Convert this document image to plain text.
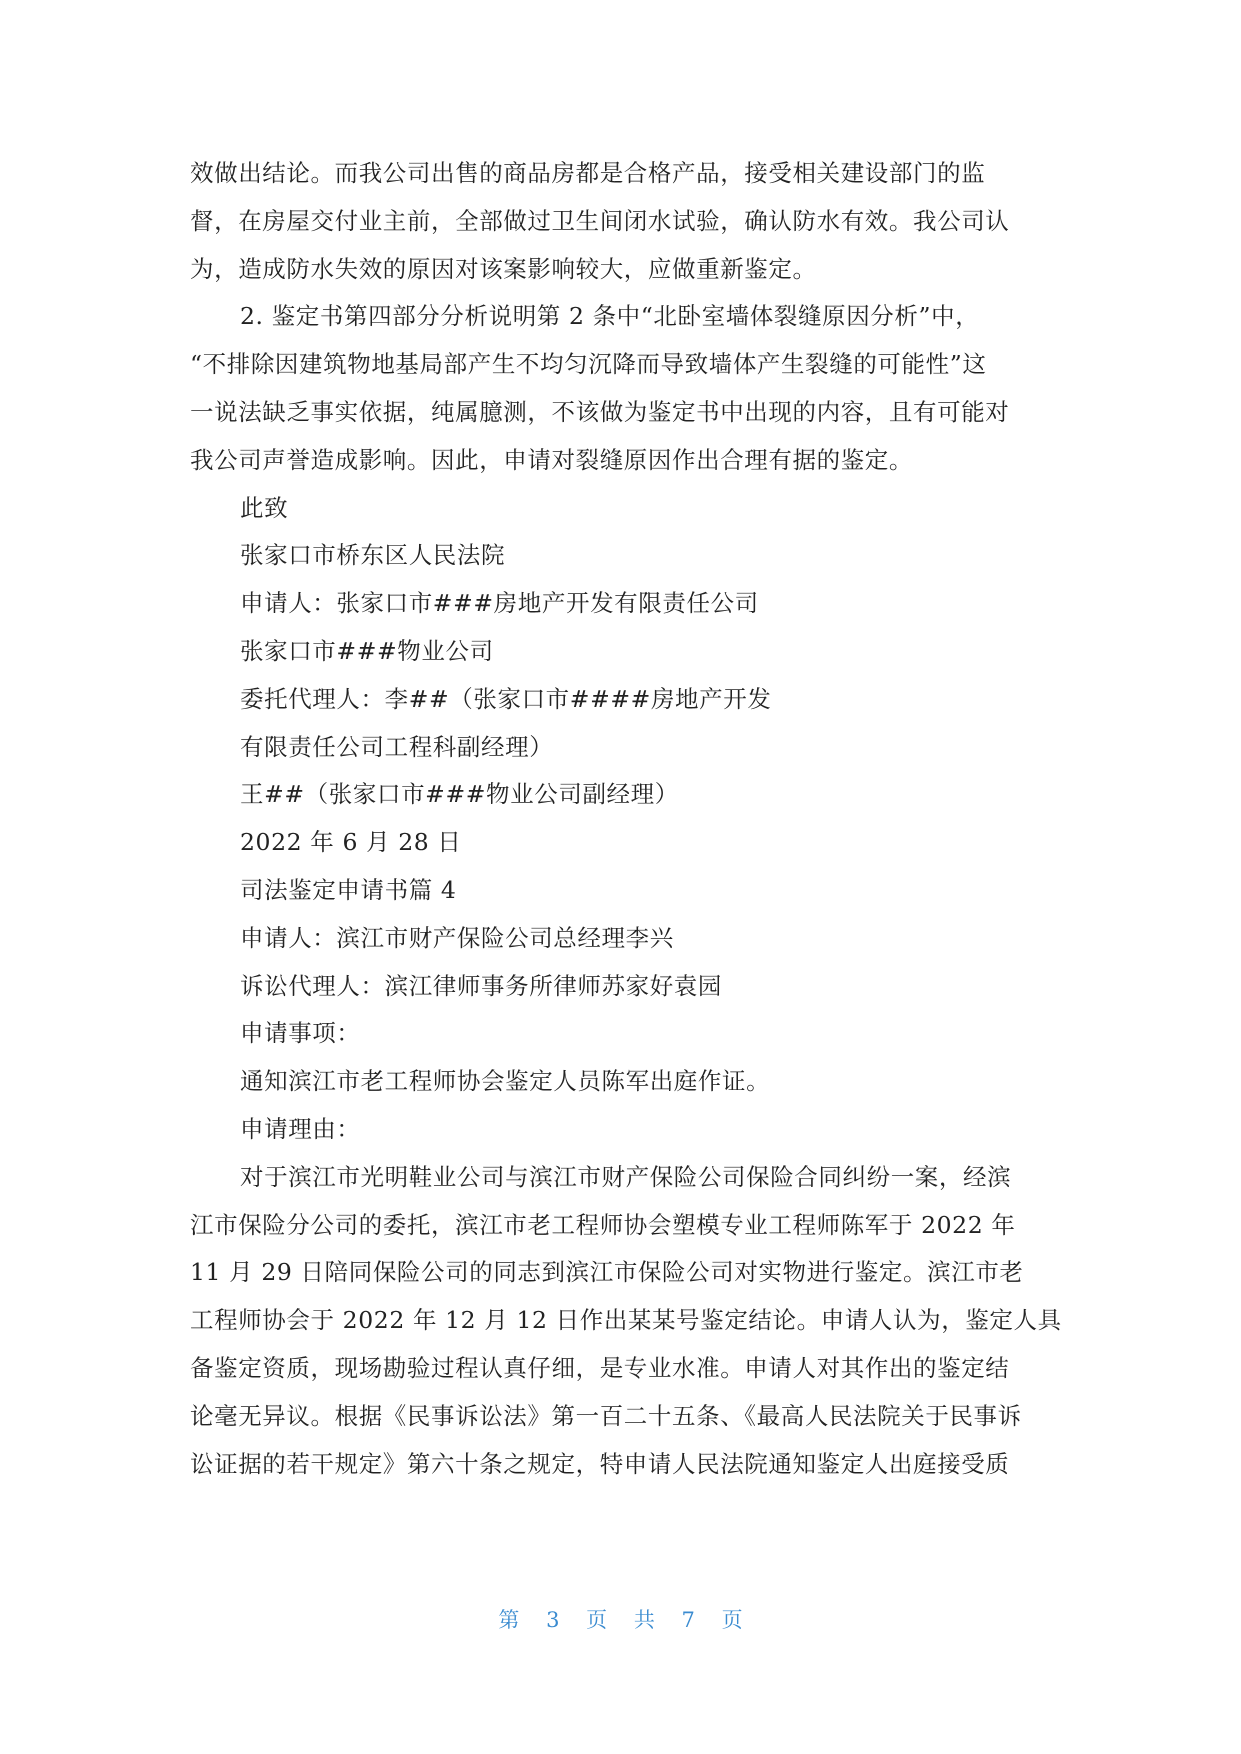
效做出结论。而我公司出售的商品房都是合格产品，接受相关建设部门的监
督，在房屋交付业主前，全部做过卫生间闭水试验，确认防水有效。我公司认
为，造成防水失效的原因对该案影响较大，应做重新鉴定。
2. 鉴定书第四部分分析说明第 2 条中“北卧室墙体裂缝原因分析”中，
“不排除因建筑物地基局部产生不均匀沉降而导致墙体产生裂缝的可能性”这
一说法缺乏事实依据，纯属臆测，不该做为鉴定书中出现的内容，且有可能对
我公司声誉造成影响。因此，申请对裂缝原因作出合理有据的鉴定。
此致
张家口市桥东区人民法院
申请人：张家口市###房地产开发有限责任公司
张家口市###物业公司
委托代理人：李##（张家口市####房地产开发
有限责任公司工程科副经理）
王##（张家口市###物业公司副经理）
2022 年 6 月 28 日
司法鉴定申请书篇 4
申请人：滨江市财产保险公司总经理李兴
诉讼代理人：滨江律师事务所律师苏家好袁园
申请事项：
通知滨江市老工程师协会鉴定人员陈军出庭作证。
申请理由：
对于滨江市光明鞋业公司与滨江市财产保险公司保险合同纠纷一案，经滨
江市保险分公司的委托，滨江市老工程师协会塑模专业工程师陈军于 2022 年
11 月 29 日陪同保险公司的同志到滨江市保险公司对实物进行鉴定。滨江市老
工程师协会于 2022 年 12 月 12 日作出某某号鉴定结论。申请人认为，鉴定人具
备鉴定资质，现场勘验过程认真仔细，是专业水准。申请人对其作出的鉴定结
论毫无异议。根据《民事诉讼法》第一百二十五条、《最高人民法院关于民事诉
讼证据的若干规定》第六十条之规定，特申请人民法院通知鉴定人出庭接受质
第 3 页 共 7 页
